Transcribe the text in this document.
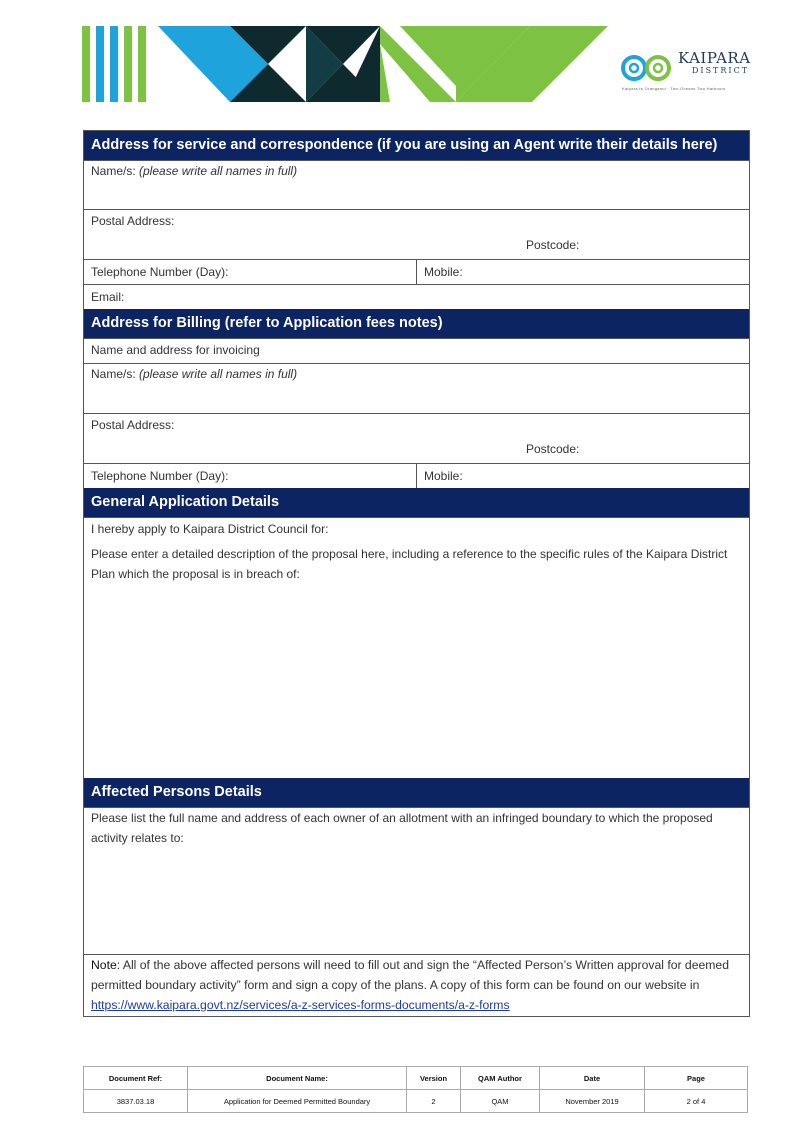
KAIPARA
DISTRICT
Kaipara te Oranganui · Two Oceans Two Harbours
Address for service and correspondence (if you are using an Agent write their details here)
Name/s: (please write all names in full)
Postal Address:
Postcode:
Telephone Number (Day):	Mobile:
Email:
Address for Billing (refer to Application fees notes)
Name and address for invoicing
Name/s: (please write all names in full)
Postal Address:
Postcode:
Telephone Number (Day):	Mobile:
General Application Details
I hereby apply to Kaipara District Council for:
Please enter a detailed description of the proposal here, including a reference to the specific rules of the Kaipara District Plan which the proposal is in breach of:
Affected Persons Details
Please list the full name and address of each owner of an allotment with an infringed boundary to which the proposed activity relates to:
Note: All of the above affected persons will need to fill out and sign the “Affected Person’s Written approval for deemed permitted boundary activity” form and sign a copy of the plans. A copy of this form can be found on our website in https://www.kaipara.govt.nz/services/a-z-services-forms-documents/a-z-forms
Document Ref:	Document Name:	Version	QAM Author	Date	Page
3837.03.18	Application for Deemed Permitted Boundary	2	QAM	November 2019	2 of 4
